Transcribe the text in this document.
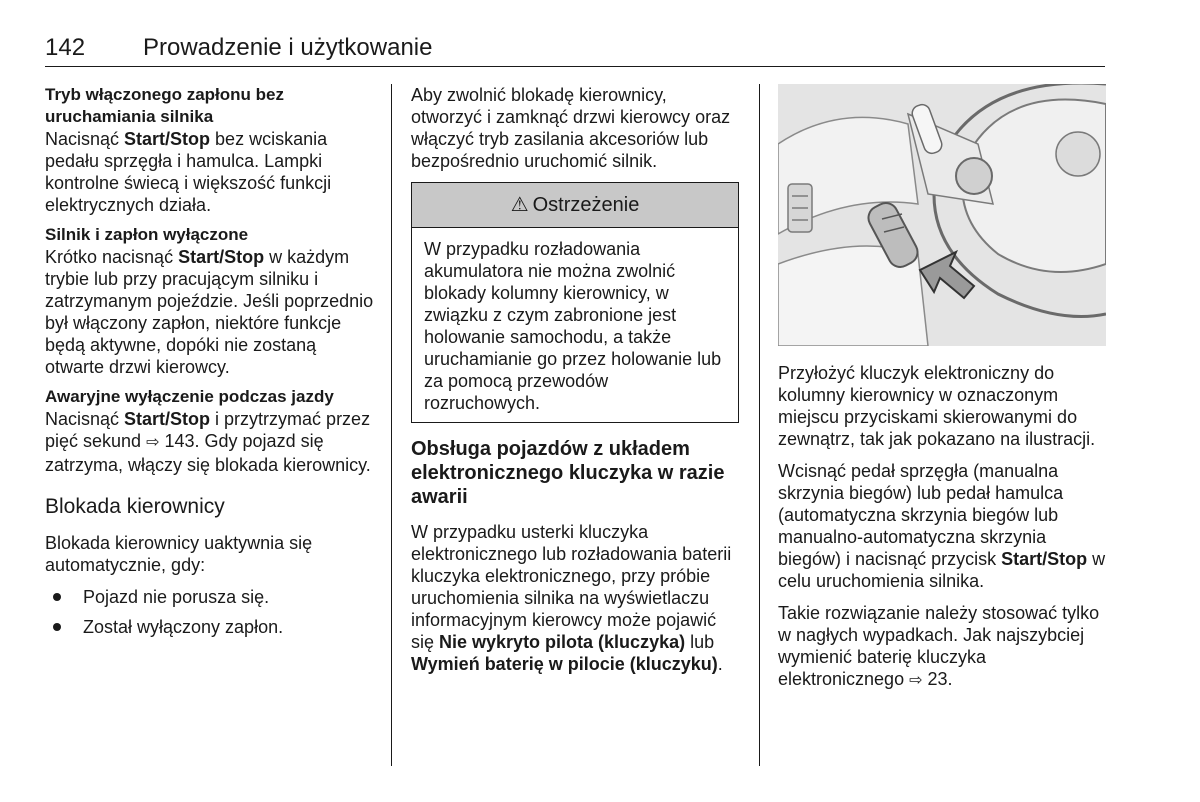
142 Prowadzenie i użytkowanie

Tryb włączonego zapłonu bez uruchamiania silnika
Nacisnąć Start/Stop bez wciskania pedału sprzęgła i hamulca. Lampki kontrolne świecą i większość funkcji elektrycznych działa.

Silnik i zapłon wyłączone
Krótko nacisnąć Start/Stop w każdym trybie lub przy pracującym silniku i zatrzymanym pojeździe. Jeśli poprzednio był włączony zapłon, niektóre funkcje będą aktywne, dopóki nie zostaną otwarte drzwi kierowcy.

Awaryjne wyłączenie podczas jazdy
Nacisnąć Start/Stop i przytrzymać przez pięć sekund ⇨ 143. Gdy pojazd się zatrzyma, włączy się blokada kierownicy.

Blokada kierownicy

Blokada kierownicy uaktywnia się automatycznie, gdy:

Pojazd nie porusza się.
Został wyłączony zapłon.

Aby zwolnić blokadę kierownicy, otworzyć i zamknąć drzwi kierowcy oraz włączyć tryb zasilania akcesoriów lub bezpośrednio uruchomić silnik.

⚠ Ostrzeżenie
W przypadku rozładowania akumulatora nie można zwolnić blokady kolumny kierownicy, w związku z czym zabronione jest holowanie samochodu, a także uruchamianie go przez holowanie lub za pomocą przewodów rozruchowych.
Obsługa pojazdów z układem elektronicznego kluczyka w razie awarii

W przypadku usterki kluczyka elektronicznego lub rozładowania baterii kluczyka elektronicznego, przy próbie uruchomienia silnika na wyświetlaczu informacyjnym kierowcy może pojawić się Nie wykryto pilota (kluczyka) lub Wymień baterię w pilocie (kluczyku).

Przyłożyć kluczyk elektroniczny do kolumny kierownicy w oznaczonym miejscu przyciskami skierowanymi do zewnątrz, tak jak pokazano na ilustracji.

Wcisnąć pedał sprzęgła (manualna skrzynia biegów) lub pedał hamulca (automatyczna skrzynia biegów lub manualno-automatyczna skrzynia biegów) i nacisnąć przycisk Start/Stop w celu uruchomienia silnika.

Takie rozwiązanie należy stosować tylko w nagłych wypadkach. Jak najszybciej wymienić baterię kluczyka elektronicznego ⇨ 23.
